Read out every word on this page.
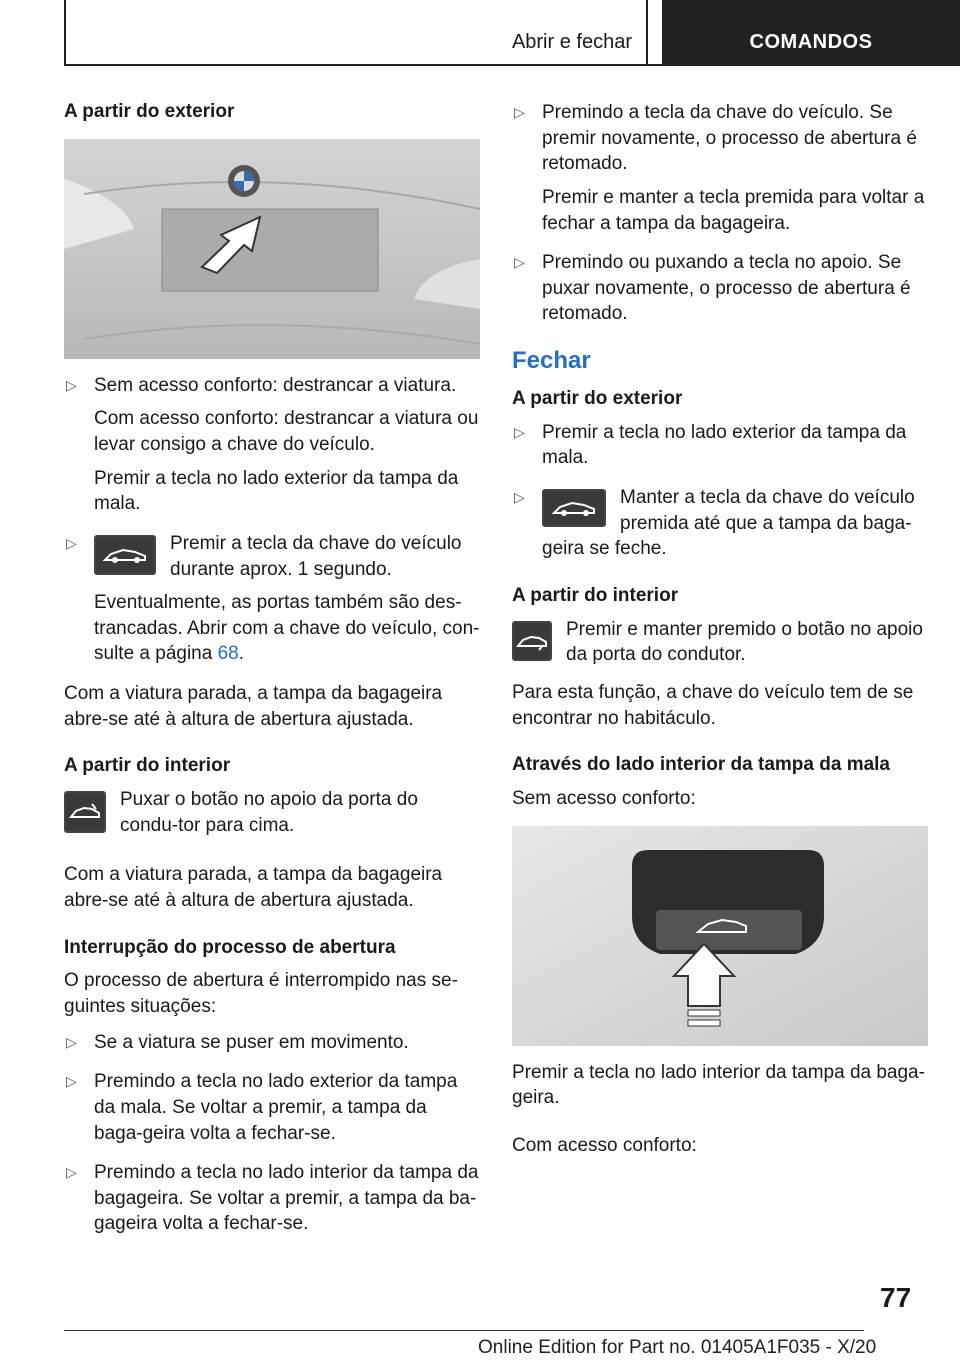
Abrir e fechar	COMANDOS
A partir do exterior
▷ Sem acesso conforto: destrancar a viatura.

Com acesso conforto: destrancar a viatura ou levar consigo a chave do veículo.

Premir a tecla no lado exterior da tampa da mala.

▷	Premir a tecla da chave do veículo durante aprox. 1 segundo.

Eventualmente, as portas também são des-trancadas. Abrir com a chave do veículo, con-sulte a página 68.

Com a viatura parada, a tampa da bagageira abre-se até à altura de abertura ajustada.

A partir do interior

Puxar o botão no apoio da porta do condu-tor para cima.

Com a viatura parada, a tampa da bagageira abre-se até à altura de abertura ajustada.

Interrupção do processo de abertura

O processo de abertura é interrompido nas se-guintes situações:

▷ Se a viatura se puser em movimento.

▷ Premindo a tecla no lado exterior da tampa da mala. Se voltar a premir, a tampa da baga-geira volta a fechar-se.

▷ Premindo a tecla no lado interior da tampa da bagageira. Se voltar a premir, a tampa da ba-gageira volta a fechar-se.

▷ Premindo a tecla da chave do veículo. Se premir novamente, o processo de abertura é retomado.

Premir e manter a tecla premida para voltar a fechar a tampa da bagageira.

▷ Premindo ou puxando a tecla no apoio. Se puxar novamente, o processo de abertura é retomado.

Fechar
A partir do exterior
▷ Premir a tecla no lado exterior da tampa da mala.

▷	Manter a tecla da chave do veículo premida até que a tampa da baga-geira se feche.

A partir do interior

Premir e manter premido o botão no apoio da porta do condutor.

Para esta função, a chave do veículo tem de se encontrar no habitáculo.

Através do lado interior da tampa da mala

Sem acesso conforto:

Premir a tecla no lado interior da tampa da baga-geira.

Com acesso conforto:

77
Online Edition for Part no. 01405A1F035 - X/20
